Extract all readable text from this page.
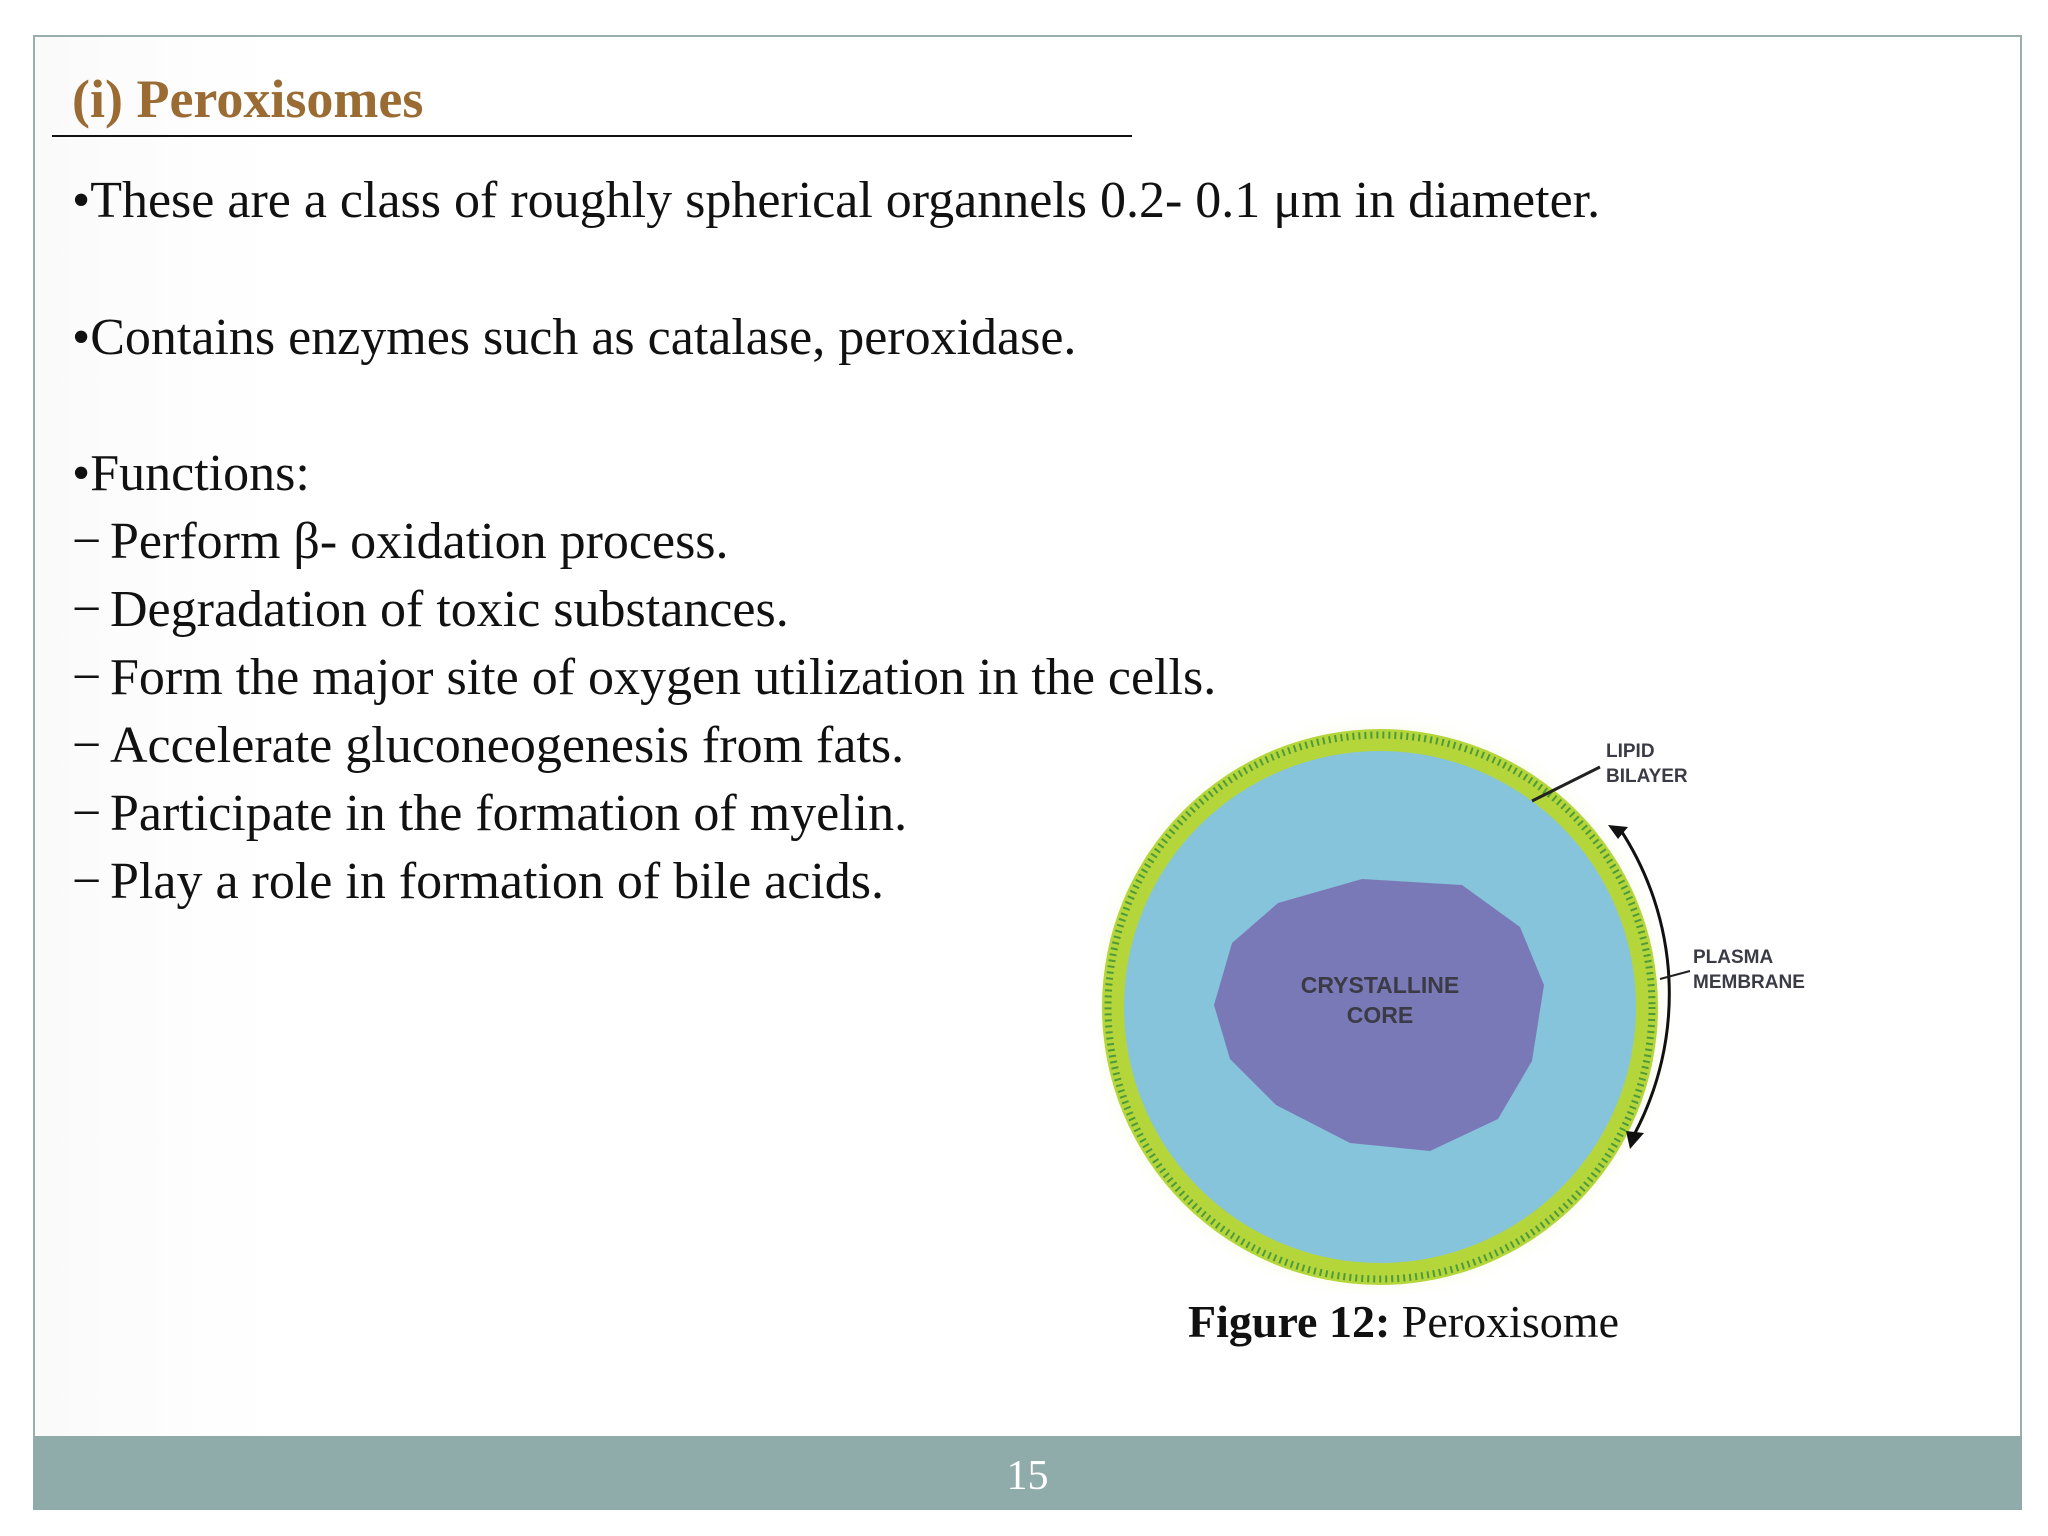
(i) Peroxisomes

•These are a class of roughly spherical organnels 0.2- 0.1 μm in diameter.

•Contains enzymes such as catalase, peroxidase.

•Functions:

− Perform β- oxidation process.

− Degradation of toxic substances.

− Form the major site of oxygen utilization in the cells.

− Accelerate gluconeogenesis from fats.

− Participate in the formation of myelin.

− Play a role in formation of bile acids.

CRYSTALLINE
CORE
LIPID
BILAYER
PLASMA
MEMBRANE

Figure 12: Peroxisome

15
